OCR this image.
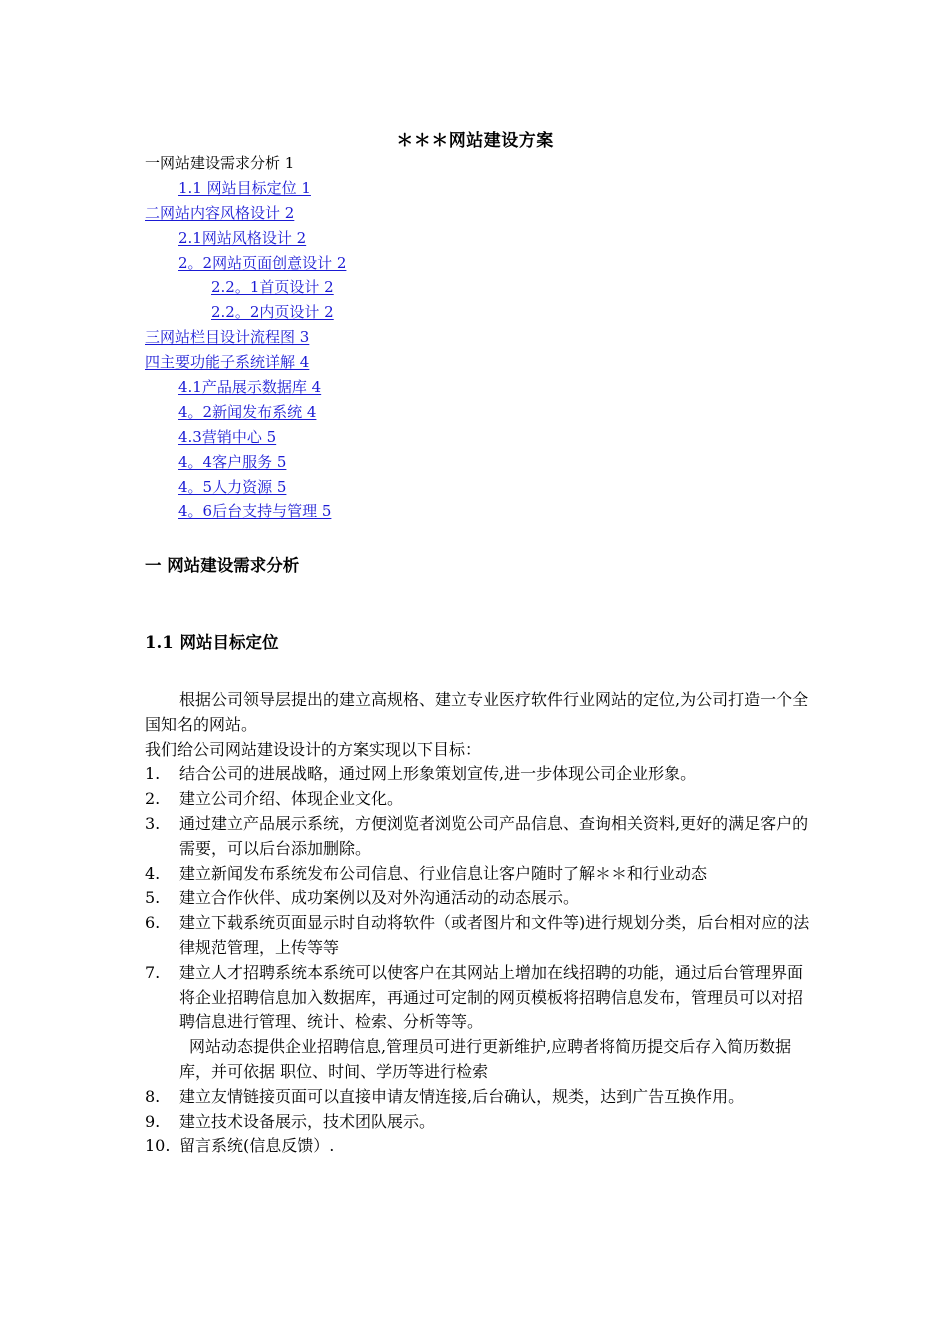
＊＊＊网站建设方案
一网站建设需求分析 1
1.1 网站目标定位 1
二网站内容风格设计 2
2.1网站风格设计 2
2。2网站页面创意设计 2
2.2。1首页设计 2
2.2。2内页设计 2
三网站栏目设计流程图 3
四主要功能子系统详解 4
4.1产品展示数据库 4
4。2新闻发布系统 4
4.3营销中心 5
4。4客户服务 5
4。5人力资源 5
4。6后台支持与管理 5
一 网站建设需求分析
1.1 网站目标定位

根据公司领导层提出的建立高规格、建立专业医疗软件行业网站的定位,为公司打造一个全国知名的网站。

我们给公司网站建设设计的方案实现以下目标：

1. 结合公司的进展战略，通过网上形象策划宣传,进一步体现公司企业形象。
2. 建立公司介绍、体现企业文化。
3. 通过建立产品展示系统，方便浏览者浏览公司产品信息、查询相关资料,更好的满足客户的需要，可以后台添加删除。
4. 建立新闻发布系统发布公司信息、行业信息让客户随时了解＊＊和行业动态
5. 建立合作伙伴、成功案例以及对外沟通活动的动态展示。
6. 建立下载系统页面显示时自动将软件（或者图片和文件等)进行规划分类，后台相对应的法律规范管理，上传等等
7. 建立人才招聘系统本系统可以使客户在其网站上增加在线招聘的功能，通过后台管理界面将企业招聘信息加入数据库，再通过可定制的网页模板将招聘信息发布，管理员可以对招聘信息进行管理、统计、检索、分析等等。
网站动态提供企业招聘信息,管理员可进行更新维护,应聘者将简历提交后存入简历数据库，并可依据 职位、时间、学历等进行检索
8. 建立友情链接页面可以直接申请友情连接,后台确认，规类，达到广告互换作用。
9. 建立技术设备展示，技术团队展示。
10. 留言系统(信息反馈）.
